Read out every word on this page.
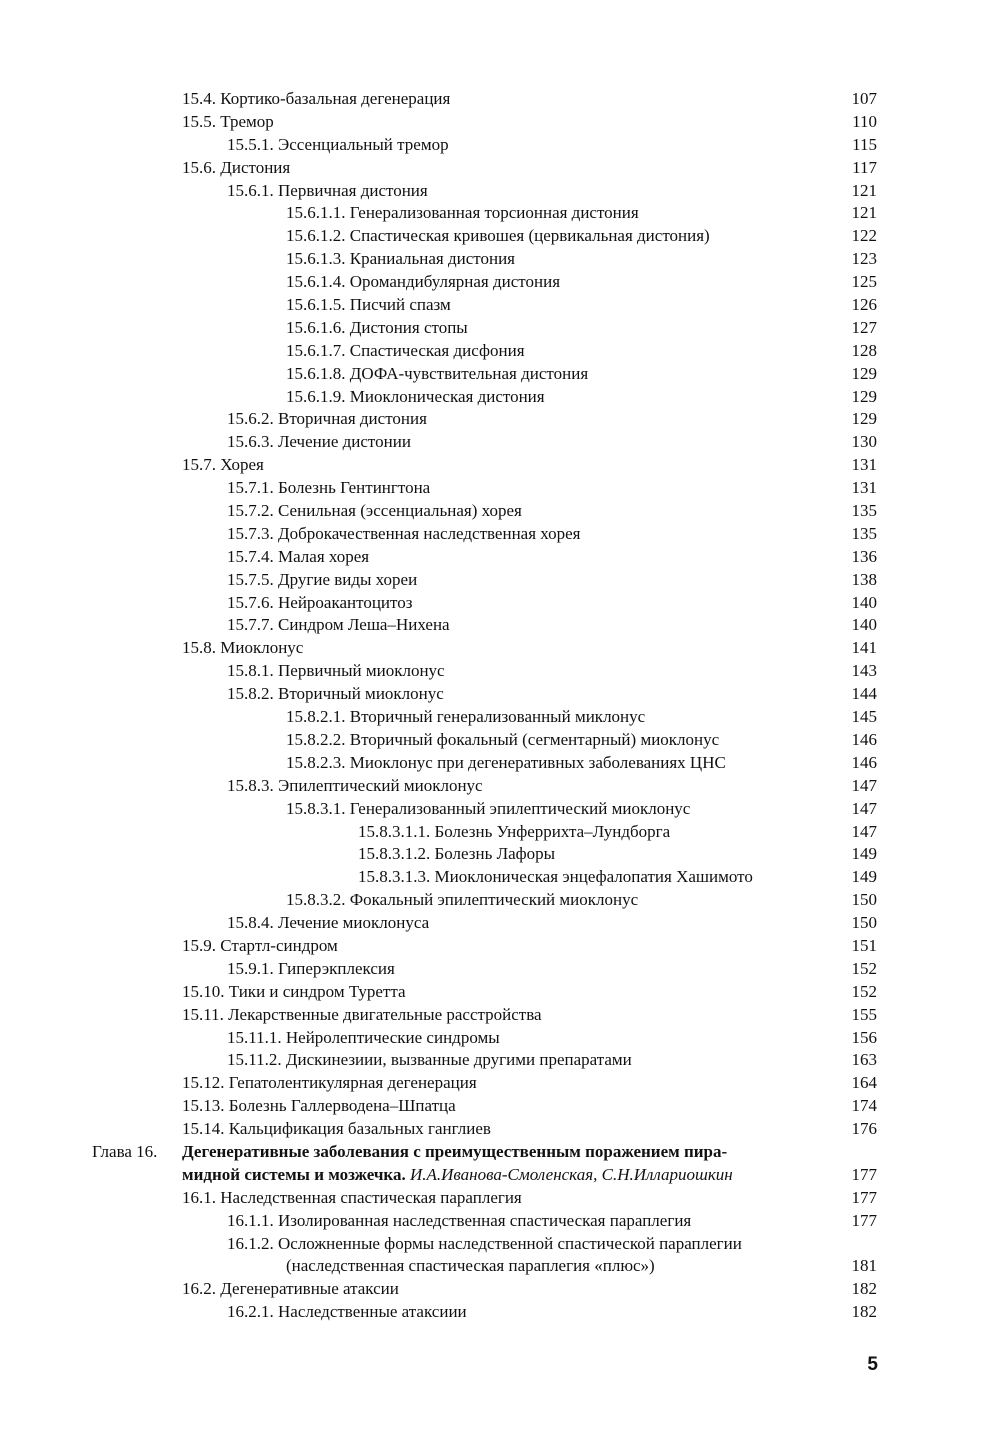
15.4. Кортико-базальная дегенерация	107
15.5. Тремор	110
15.5.1. Эссенциальный тремор	115
15.6. Дистония	117
15.6.1. Первичная дистония	121
15.6.1.1. Генерализованная торсионная дистония	121
15.6.1.2. Спастическая кривошея (цервикальная дистония)	122
15.6.1.3. Краниальная дистония	123
15.6.1.4. Оромандибулярная дистония	125
15.6.1.5. Писчий спазм	126
15.6.1.6. Дистония стопы	127
15.6.1.7. Спастическая дисфония	128
15.6.1.8. ДОФА-чувствительная дистония	129
15.6.1.9. Миоклоническая дистония	129
15.6.2. Вторичная дистония	129
15.6.3. Лечение дистонии	130
15.7. Хорея	131
15.7.1. Болезнь Гентингтона	131
15.7.2. Сенильная (эссенциальная) хорея	135
15.7.3. Доброкачественная наследственная хорея	135
15.7.4. Малая хорея	136
15.7.5. Другие виды хореи	138
15.7.6. Нейроакантоцитоз	140
15.7.7. Синдром Леша–Нихена	140
15.8. Миоклонус	141
15.8.1. Первичный миоклонус	143
15.8.2. Вторичный миоклонус	144
15.8.2.1. Вторичный генерализованный миклонус	145
15.8.2.2. Вторичный фокальный (сегментарный) миоклонус	146
15.8.2.3. Миоклонус при дегенеративных заболеваниях ЦНС	146
15.8.3. Эпилептический миоклонус	147
15.8.3.1. Генерализованный эпилептический миоклонус	147
15.8.3.1.1. Болезнь Унферрихта–Лундборга	147
15.8.3.1.2. Болезнь Лафоры	149
15.8.3.1.3. Миоклоническая энцефалопатия Хашимото	149
15.8.3.2. Фокальный эпилептический миоклонус	150
15.8.4. Лечение миоклонуса	150
15.9. Стартл-синдром	151
15.9.1. Гиперэкплексия	152
15.10. Тики и синдром Туретта	152
15.11. Лекарственные двигательные расстройства	155
15.11.1. Нейролептические синдромы	156
15.11.2. Дискинезиии, вызванные другими препаратами	163
15.12. Гепатолентикулярная дегенерация	164
15.13. Болезнь Галлерводена–Шпатца	174
15.14. Кальцификация базальных ганглиев	176
Глава 16. Дегенеративные заболевания с преимущественным поражением пира-
мидной системы и мозжечка. И.А.Иванова-Смоленская, С.Н.Иллариошкин	177
16.1. Наследственная спастическая параплегия	177
16.1.1. Изолированная наследственная спастическая параплегия	177
16.1.2. Осложненные формы наследственной спастической параплегии
(наследственная спастическая параплегия «плюс»)	181
16.2. Дегенеративные атаксии	182
16.2.1. Наследственные атаксиии	182
5
